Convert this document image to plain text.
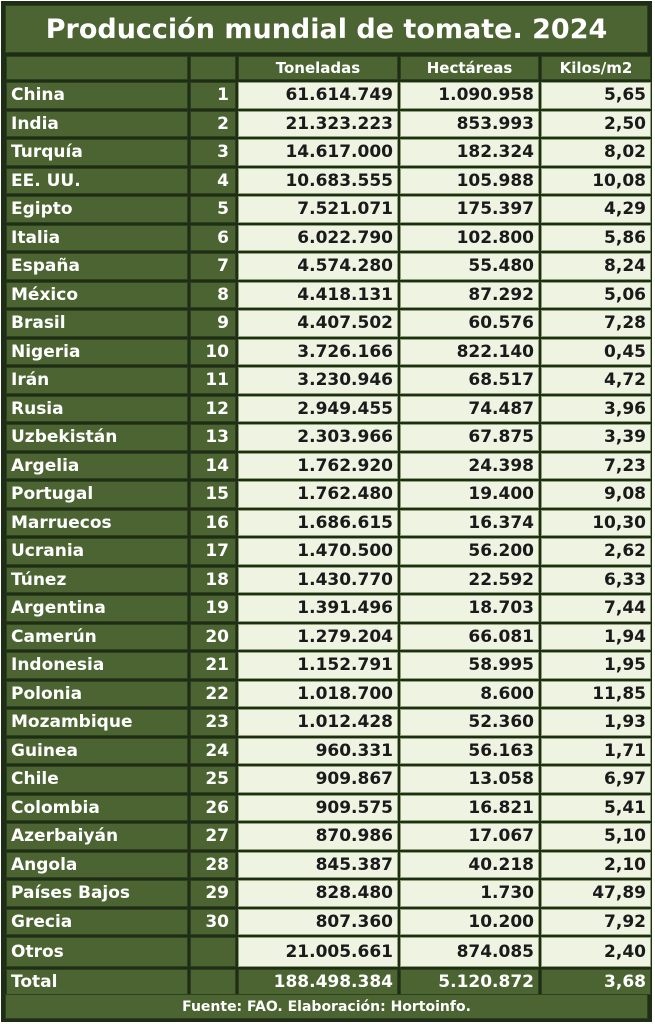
Producción mundial de tomate. 2024
		Toneladas	Hectáreas	Kilos/m2
China	1	61.614.749	1.090.958	5,65
India	2	21.323.223	853.993	2,50
Turquía	3	14.617.000	182.324	8,02
EE. UU.	4	10.683.555	105.988	10,08
Egipto	5	7.521.071	175.397	4,29
Italia	6	6.022.790	102.800	5,86
España	7	4.574.280	55.480	8,24
México	8	4.418.131	87.292	5,06
Brasil	9	4.407.502	60.576	7,28
Nigeria	10	3.726.166	822.140	0,45
Irán	11	3.230.946	68.517	4,72
Rusia	12	2.949.455	74.487	3,96
Uzbekistán	13	2.303.966	67.875	3,39
Argelia	14	1.762.920	24.398	7,23
Portugal	15	1.762.480	19.400	9,08
Marruecos	16	1.686.615	16.374	10,30
Ucrania	17	1.470.500	56.200	2,62
Túnez	18	1.430.770	22.592	6,33
Argentina	19	1.391.496	18.703	7,44
Camerún	20	1.279.204	66.081	1,94
Indonesia	21	1.152.791	58.995	1,95
Polonia	22	1.018.700	8.600	11,85
Mozambique	23	1.012.428	52.360	1,93
Guinea	24	960.331	56.163	1,71
Chile	25	909.867	13.058	6,97
Colombia	26	909.575	16.821	5,41
Azerbaiyán	27	870.986	17.067	5,10
Angola	28	845.387	40.218	2,10
Países Bajos	29	828.480	1.730	47,89
Grecia	30	807.360	10.200	7,92
Otros		21.005.661	874.085	2,40
Total		188.498.384	5.120.872	3,68
Fuente: FAO. Elaboración: Hortoinfo.
